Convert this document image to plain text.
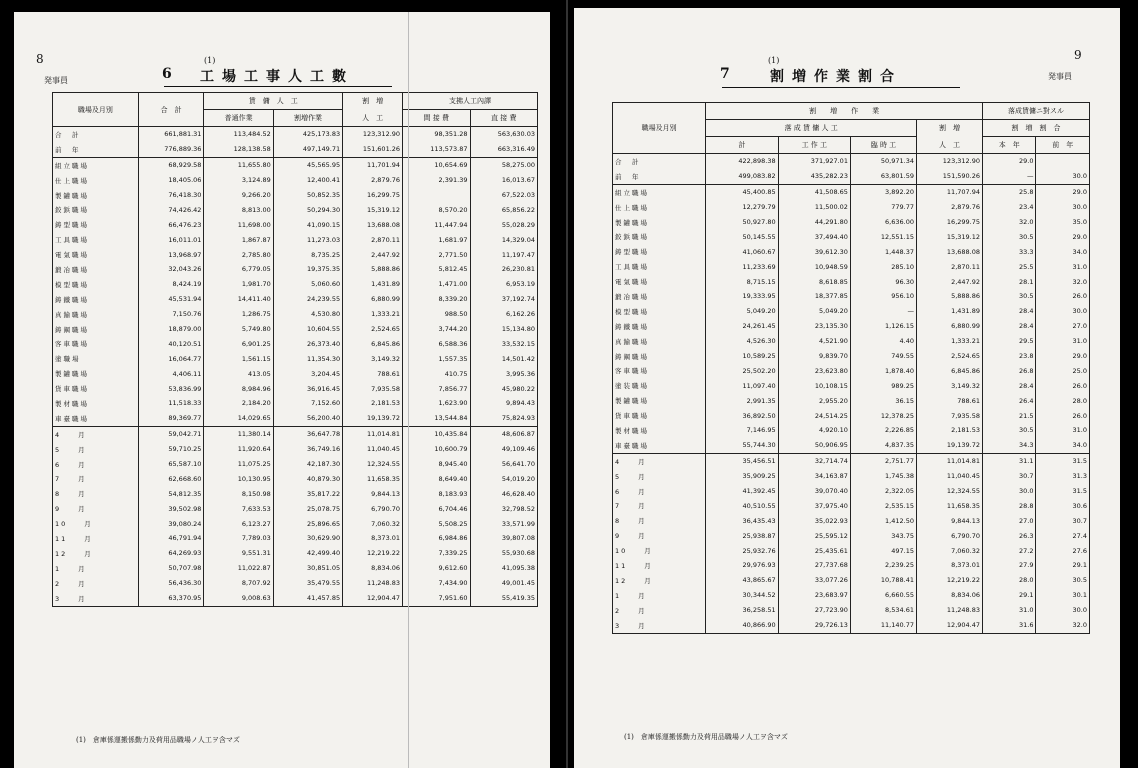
8
発事員	6
(1)
工場工事人工數
職場及月別	合　計	賃　傭　人　工		割　増	支拂人工內譯	
		普通作業	割増作業	人　工	間 接 費	直 接 費
合　計	661,881.31	113,484.52	425,173.83	123,312.90	98,351.28	563,630.03
前　年	776,889.36	128,138.58	497,149.71	151,601.26	113,573.87	663,316.49
組立職場	68,929.58	11,655.80	45,565.95	11,701.94	10,654.69	58,275.00
仕上職場	18,405.06	3,124.89	12,400.41	2,879.76	2,391.39	16,013.67
製罐職場	76,418.30	9,266.20	50,852.35	16,299.75		67,522.03
鉸鋲職場	74,426.42	8,813.00	50,294.30	15,319.12	8,570.20	65,856.22
鋳型職場	66,476.23	11,698.00	41,090.15	13,688.08	11,447.94	55,028.29
工具職場	16,011.01	1,867.87	11,273.03	2,870.11	1,681.97	14,329.04
電氣職場	13,968.97	2,785.80	8,735.25	2,447.92	2,771.50	11,197.47
鍛冶職場	32,043.26	6,779.05	19,375.35	5,888.86	5,812.45	26,230.81
模型職場	8,424.19	1,981.70	5,060.60	1,431.89	1,471.00	6,953.19
鋳鐵職場	45,531.94	14,411.40	24,239.55	6,880.99	8,339.20	37,192.74
真鍮職場	7,150.76	1,286.75	4,530.80	1,333.21	988.50	6,162.26
鋳鋼職場	18,879.00	5,749.80	10,604.55	2,524.65	3,744.20	15,134.80
客車職場	40,120.51	6,901.25	26,373.40	6,845.86	6,588.36	33,532.15
塗職場	16,064.77	1,561.15	11,354.30	3,149.32	1,557.35	14,501.42
製罐職場	4,406.11	413.05	3,204.45	788.61	410.75	3,995.36
貨車職場	53,836.99	8,984.96	36,916.45	7,935.58	7,856.77	45,980.22
製材職場	11,518.33	2,184.20	7,152.60	2,181.53	1,623.90	9,894.43
車臺職場	89,369.77	14,029.65	56,200.40	19,139.72	13,544.84	75,824.93
4　　月	59,042.71	11,380.14	36,647.78	11,014.81	10,435.84	48,606.87
5　　月	59,710.25	11,920.64	36,749.16	11,040.45	10,600.79	49,109.46
6　　月	65,587.10	11,075.25	42,187.30	12,324.55	8,945.40	56,641.70
7　　月	62,668.60	10,130.95	40,879.30	11,658.35	8,649.40	54,019.20
8　　月	54,812.35	8,150.98	35,817.22	9,844.13	8,183.93	46,628.40
9　　月	39,502.98	7,633.53	25,078.75	6,790.70	6,704.46	32,798.52
10　　月	39,080.24	6,123.27	25,896.65	7,060.32	5,508.25	33,571.99
11　　月	46,791.94	7,789.03	30,629.90	8,373.01	6,984.86	39,807.08
12　　月	64,269.93	9,551.31	42,499.40	12,219.22	7,339.25	55,930.68
1　　月	50,707.98	11,022.87	30,851.05	8,834.06	9,612.60	41,095.38
2　　月	56,436.30	8,707.92	35,479.55	11,248.83	7,434.90	49,001.45
3　　月	63,370.95	9,008.63	41,457.85	12,904.47	7,951.60	55,419.35
(1)　倉庫係運搬係勤力及荷用品職場ノ人工ヲ含マズ
9
発事員
7
(1)
割増作業割合
職場及月別	割　　増　　作　　業				落成賃傭ニ對スル	
	落 成 賃 傭 人 工			割　増	割　増　割　合	
	計	工 作 工	臨 時 工	人　工	本　年	前　年
合　計	422,898.38	371,927.01	50,971.34	123,312.90	29.0	
前　年	499,083.82	435,282.23	63,801.59	151,590.26	—	30.0
組立職場	45,400.85	41,508.65	3,892.20	11,707.94	25.8	29.0
仕上職場	12,279.79	11,500.02	779.77	2,879.76	23.4	30.0
製罐職場	50,927.80	44,291.80	6,636.00	16,299.75	32.0	35.0
鉸鋲職場	50,145.55	37,494.40	12,551.15	15,319.12	30.5	29.0
鋳型職場	41,060.67	39,612.30	1,448.37	13,688.08	33.3	34.0
工具職場	11,233.69	10,948.59	285.10	2,870.11	25.5	31.0
電氣職場	8,715.15	8,618.85	96.30	2,447.92	28.1	32.0
鍛冶職場	19,333.95	18,377.85	956.10	5,888.86	30.5	26.0
模型職場	5,049.20	5,049.20	—	1,431.89	28.4	30.0
鋳鐵職場	24,261.45	23,135.30	1,126.15	6,880.99	28.4	27.0
真鍮職場	4,526.30	4,521.90	4.40	1,333.21	29.5	31.0
鋳鋼職場	10,589.25	9,839.70	749.55	2,524.65	23.8	29.0
客車職場	25,502.20	23,623.80	1,878.40	6,845.86	26.8	25.0
塗装職場	11,097.40	10,108.15	989.25	3,149.32	28.4	26.0
製罐職場	2,991.35	2,955.20	36.15	788.61	26.4	28.0
貨車職場	36,892.50	24,514.25	12,378.25	7,935.58	21.5	26.0
製材職場	7,146.95	4,920.10	2,226.85	2,181.53	30.5	31.0
車臺職場	55,744.30	50,906.95	4,837.35	19,139.72	34.3	34.0
4　　月	35,456.51	32,714.74	2,751.77	11,014.81	31.1	31.5
5　　月	35,909.25	34,163.87	1,745.38	11,040.45	30.7	31.3
6　　月	41,392.45	39,070.40	2,322.05	12,324.55	30.0	31.5
7　　月	40,510.55	37,975.40	2,535.15	11,658.35	28.8	30.6
8　　月	36,435.43	35,022.93	1,412.50	9,844.13	27.0	30.7
9　　月	25,938.87	25,595.12	343.75	6,790.70	26.3	27.4
10　　月	25,932.76	25,435.61	497.15	7,060.32	27.2	27.6
11　　月	29,976.93	27,737.68	2,239.25	8,373.01	27.9	29.1
12　　月	43,865.67	33,077.26	10,788.41	12,219.22	28.0	30.5
1　　月	30,344.52	23,683.97	6,660.55	8,834.06	29.1	30.1
2　　月	36,258.51	27,723.90	8,534.61	11,248.83	31.0	30.0
3　　月	40,866.90	29,726.13	11,140.77	12,904.47	31.6	32.0
(1)　倉庫係運搬係勤力及荷用品職場ノ人工ヲ含マズ
